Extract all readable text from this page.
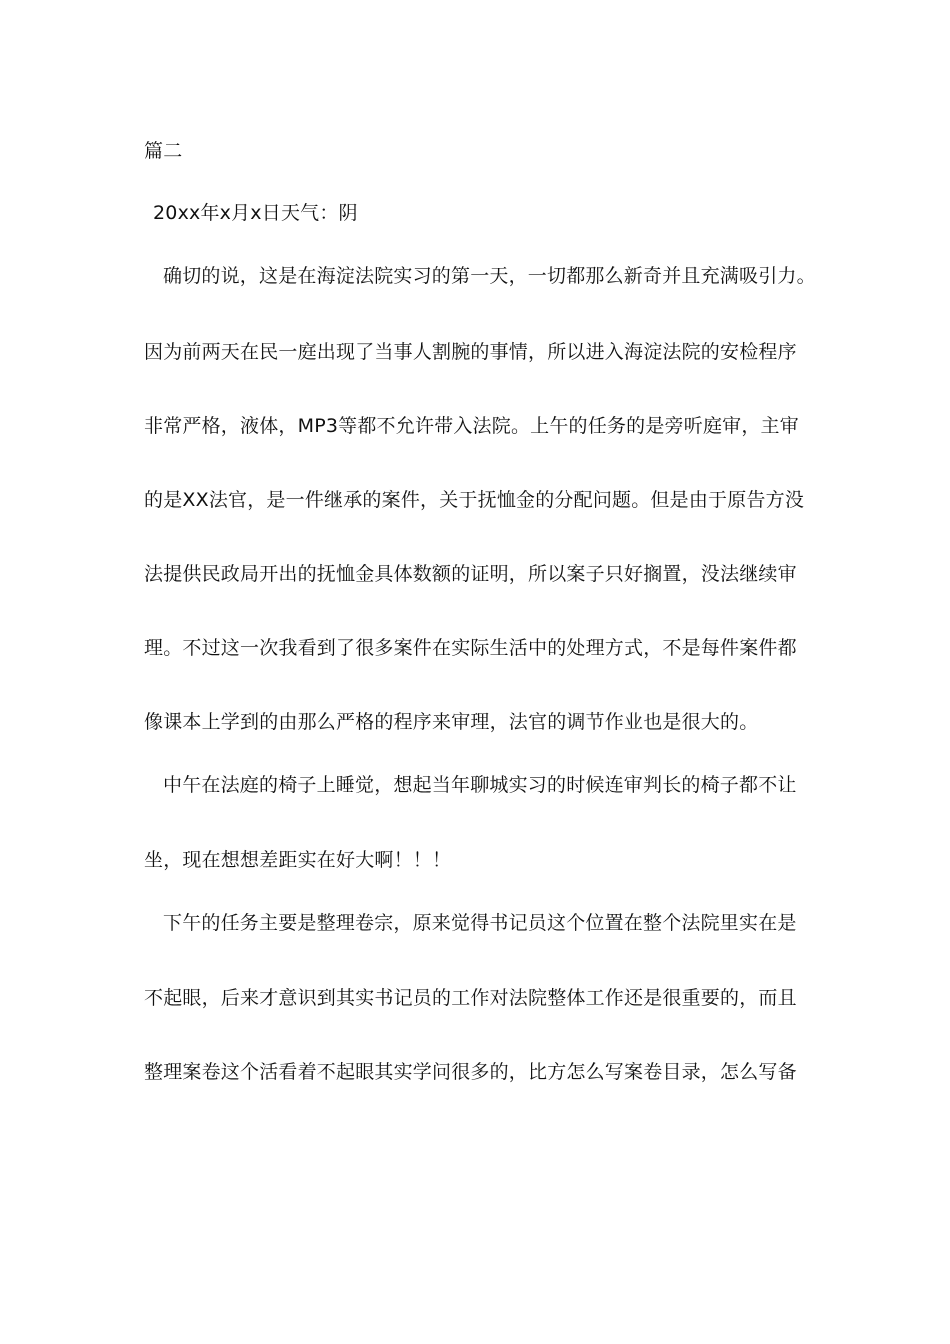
篇二
20xx年x月x日天气：阴
确切的说，这是在海淀法院实习的第一天，一切都那么新奇并且充满吸引力。
因为前两天在民一庭出现了当事人割腕的事情，所以进入海淀法院的安检程序
非常严格，液体，MP3等都不允许带入法院。上午的任务的是旁听庭审，主审
的是XX法官，是一件继承的案件，关于抚恤金的分配问题。但是由于原告方没
法提供民政局开出的抚恤金具体数额的证明，所以案子只好搁置，没法继续审
理。不过这一次我看到了很多案件在实际生活中的处理方式，不是每件案件都
像课本上学到的由那么严格的程序来审理，法官的调节作业也是很大的。
中午在法庭的椅子上睡觉，想起当年聊城实习的时候连审判长的椅子都不让
坐，现在想想差距实在好大啊！！！
下午的任务主要是整理卷宗，原来觉得书记员这个位置在整个法院里实在是
不起眼，后来才意识到其实书记员的工作对法院整体工作还是很重要的，而且
整理案卷这个活看着不起眼其实学问很多的，比方怎么写案卷目录，怎么写备
